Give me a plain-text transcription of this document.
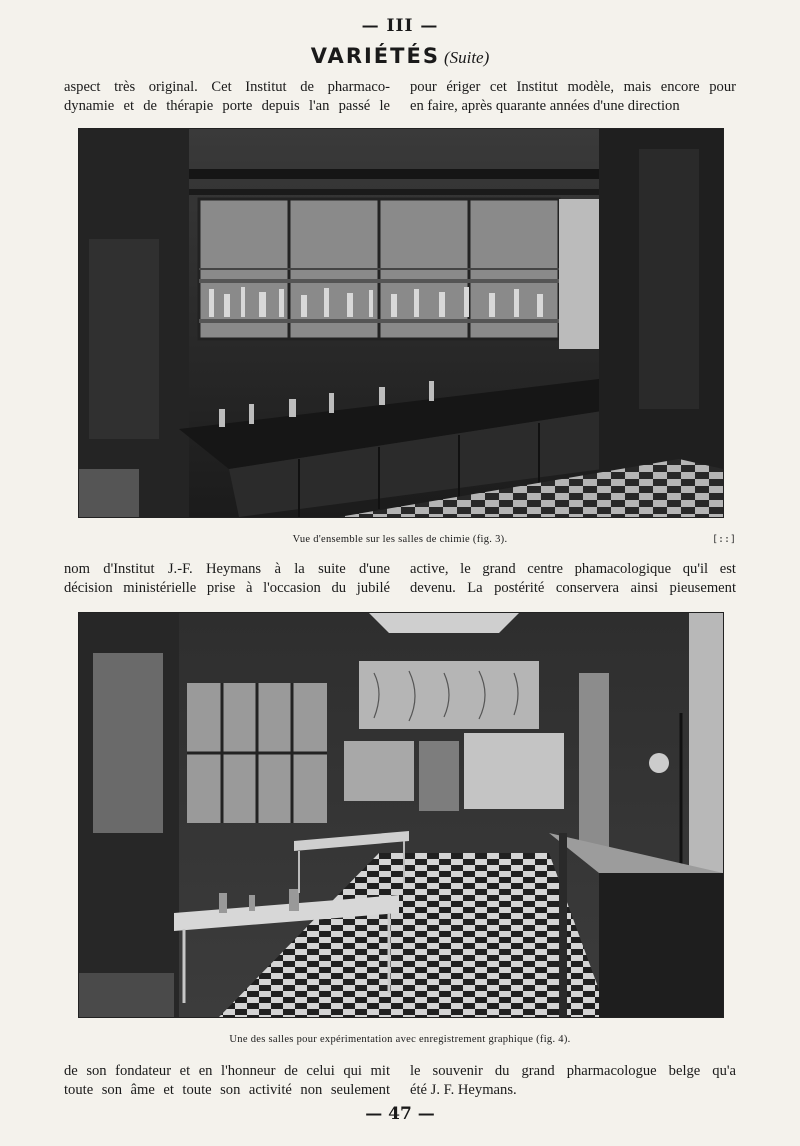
— III —
VARIÉTÉS (Suite)
aspect très original. Cet Institut de pharmaco-
dynamie et de thérapie porte depuis l'an passé le
pour ériger cet Institut modèle, mais encore pour
en faire, après quarante années d'une direction
Vue d'ensemble sur les salles de chimie (fig. 3).	[::]
nom d'Institut J.-F. Heymans à la suite d'une
décision ministérielle prise à l'occasion du jubilé
active, le grand centre phamacologique qu'il est
devenu. La postérité conservera ainsi pieusement
Une des salles pour expérimentation avec enregistrement graphique (fig. 4).
de son fondateur et en l'honneur de celui qui mit
toute son âme et toute son activité non seulement
le souvenir du grand pharmacologue belge qu'a
été J. F. Heymans.
— 47 —
